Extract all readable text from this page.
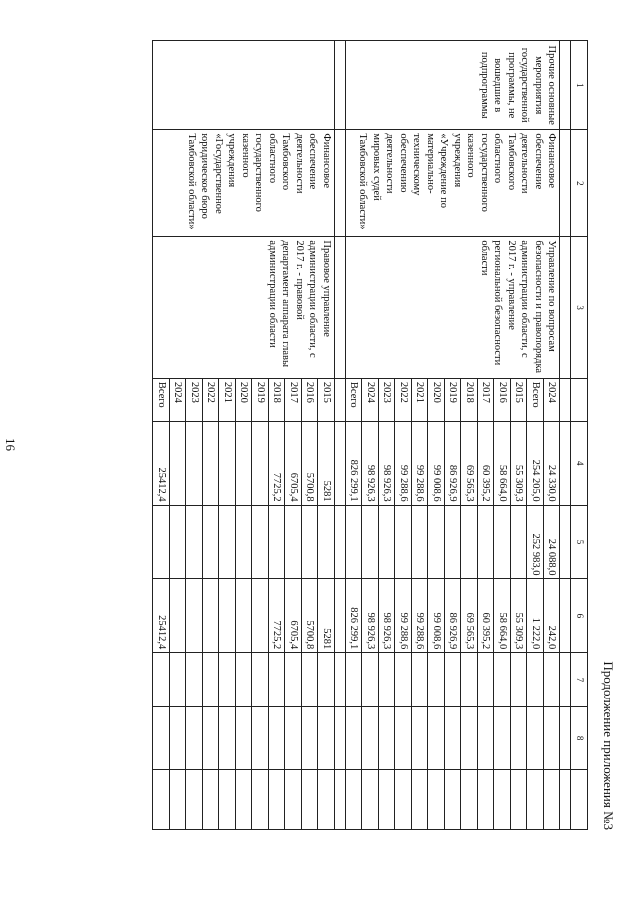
16
Продолжение приложения №3
1	2	3		4	5	6	7	8	

Прочие основные мероприятия государственной программы, не вошедшие в подпрограммы	Финансовое обеспечение деятельности Тамбовского областного государственного казенного учреждения «Учреждение по материально-техническому обеспечению деятельности мировых судей Тамбовской области»	Управление по вопросам безопасности и правопорядка администрации области, с 2017 г. - управление региональной безопасности области	2024	24 330,0	24 088,0	242,0			
			Всего	254 205,0	252 983,0	1 222,0			
			2015	55 309,3		55 309,3			
			2016	58 664,0		58 664,0			
			2017	60 395,2		60 395,2			
			2018	69 565,3		69 565,3			
			2019	86 926,9		86 926,9			
			2020	99 008,6		99 008,6			
			2021	99 288,6		99 288,6			
			2022	99 288,6		99 288,6			
			2023	98 926,3		98 926,3			
			2024	98 926,3		98 926,3			
			Всего	826 299,1		826 299,1			

	Финансовое обеспечение деятельности Тамбовского областного государственного казенного учреждения «Государственное юридическое бюро Тамбовской области»	Правовое управление администрации области, с 2017 г. - правовой департамент аппарата главы администрации области	2015	5281		5281			
			2016	5700,8		5700,8			
			2017	6705,4		6705,4			
			2018	7725,2		7725,2			
			2019						
			2020						
			2021						
			2022						
			2023						
			2024						
			Всего	25412,4		25412,4			
